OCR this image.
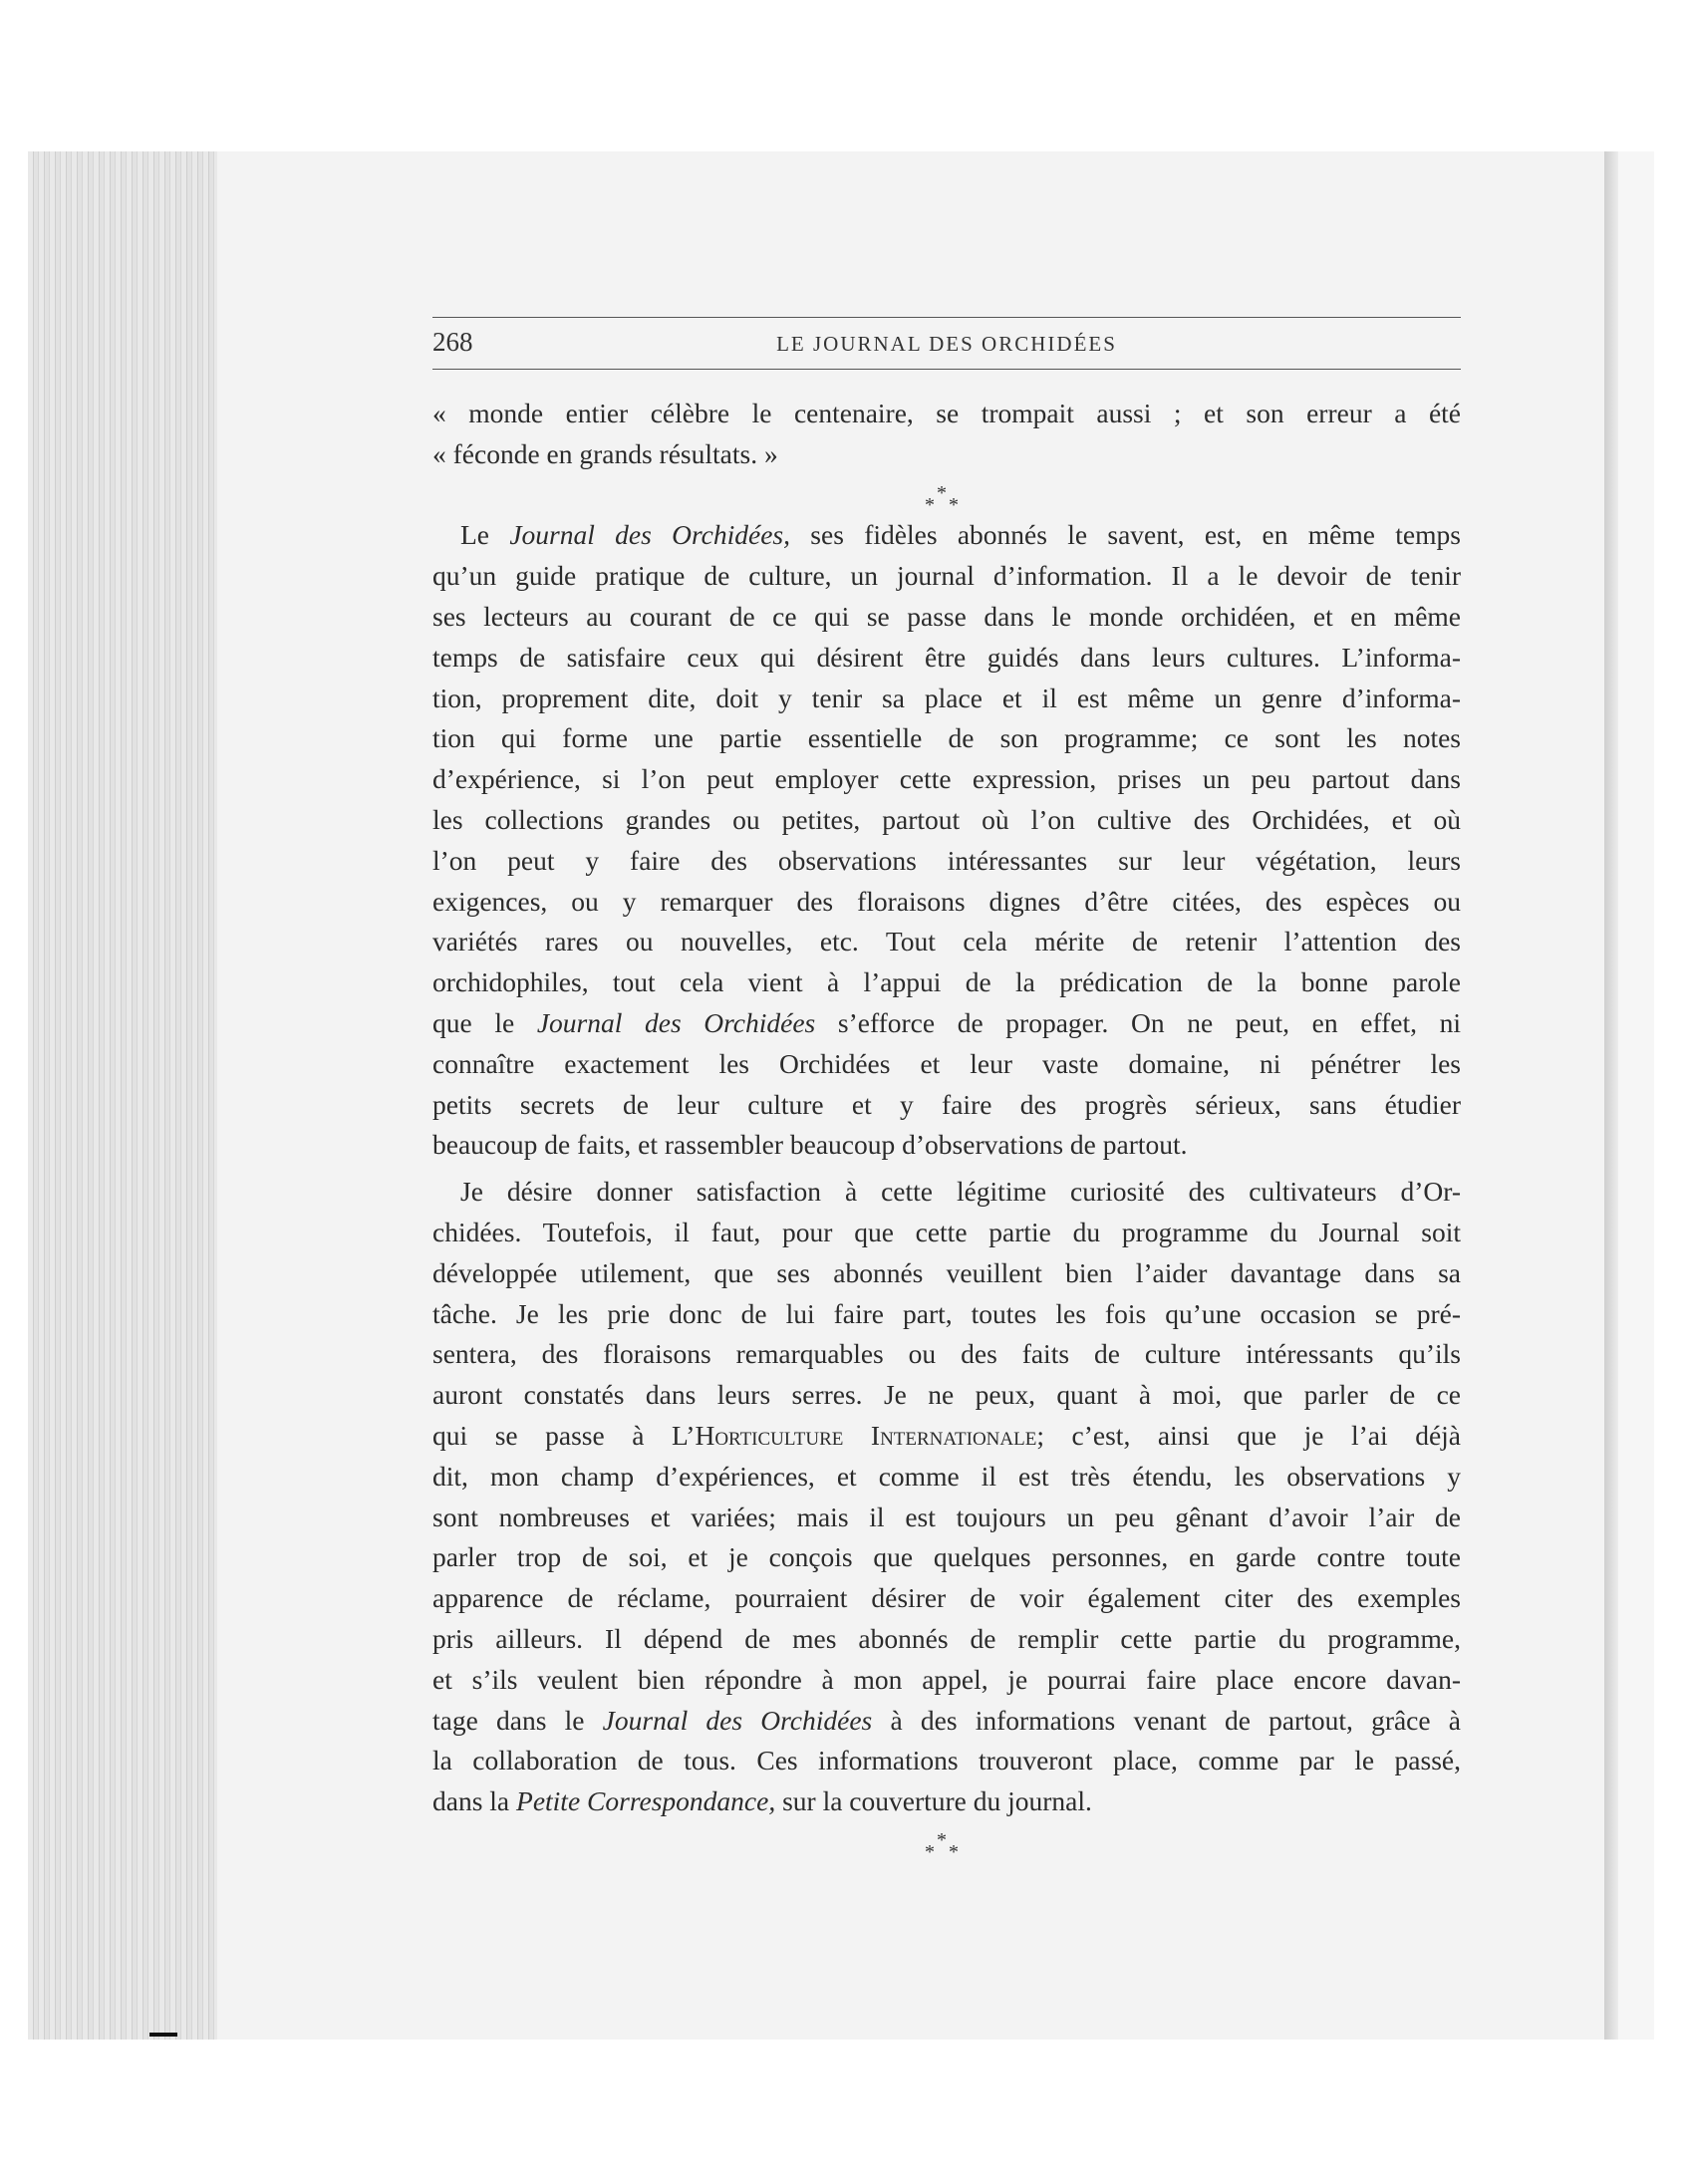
268	LE JOURNAL DES ORCHIDÉES
« monde entier célèbre le centenaire, se trompait aussi ; et son erreur a été
« féconde en grands résultats. »
*
* *
Le Journal des Orchidées, ses fidèles abonnés le savent, est, en même temps
qu’un guide pratique de culture, un journal d’information. Il a le devoir de tenir
ses lecteurs au courant de ce qui se passe dans le monde orchidéen, et en même
temps de satisfaire ceux qui désirent être guidés dans leurs cultures. L’informa-
tion, proprement dite, doit y tenir sa place et il est même un genre d’informa-
tion qui forme une partie essentielle de son programme; ce sont les notes
d’expérience, si l’on peut employer cette expression, prises un peu partout dans
les collections grandes ou petites, partout où l’on cultive des Orchidées, et où
l’on peut y faire des observations intéressantes sur leur végétation, leurs
exigences, ou y remarquer des floraisons dignes d’être citées, des espèces ou
variétés rares ou nouvelles, etc. Tout cela mérite de retenir l’attention des
orchidophiles, tout cela vient à l’appui de la prédication de la bonne parole
que le Journal des Orchidées s’efforce de propager. On ne peut, en effet, ni
connaître exactement les Orchidées et leur vaste domaine, ni pénétrer les
petits secrets de leur culture et y faire des progrès sérieux, sans étudier
beaucoup de faits, et rassembler beaucoup d’observations de partout.
Je désire donner satisfaction à cette légitime curiosité des cultivateurs d’Or-
chidées. Toutefois, il faut, pour que cette partie du programme du Journal soit
développée utilement, que ses abonnés veuillent bien l’aider davantage dans sa
tâche. Je les prie donc de lui faire part, toutes les fois qu’une occasion se pré-
sentera, des floraisons remarquables ou des faits de culture intéressants qu’ils
auront constatés dans leurs serres. Je ne peux, quant à moi, que parler de ce
qui se passe à L’Horticulture Internationale; c’est, ainsi que je l’ai déjà
dit, mon champ d’expériences, et comme il est très étendu, les observations y
sont nombreuses et variées; mais il est toujours un peu gênant d’avoir l’air de
parler trop de soi, et je conçois que quelques personnes, en garde contre toute
apparence de réclame, pourraient désirer de voir également citer des exemples
pris ailleurs. Il dépend de mes abonnés de remplir cette partie du programme,
et s’ils veulent bien répondre à mon appel, je pourrai faire place encore davan-
tage dans le Journal des Orchidées à des informations venant de partout, grâce à
la collaboration de tous. Ces informations trouveront place, comme par le passé,
dans la Petite Correspondance, sur la couverture du journal.
*
* *
